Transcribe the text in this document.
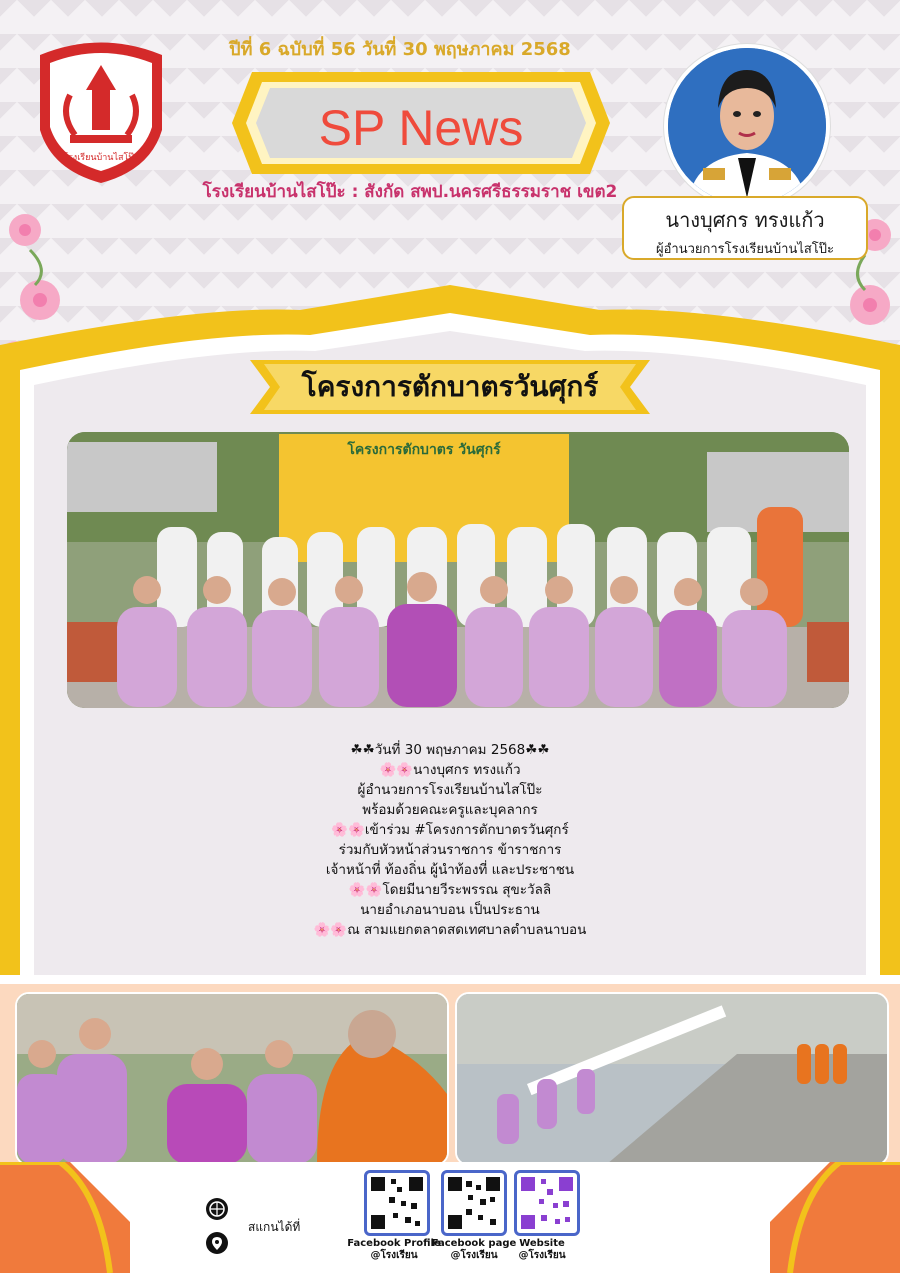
โรงเรียนบ้านไสโป๊ะ
ปีที่ 6 ฉบับที่ 56 วันที่ 30 พฤษภาคม 2568
SP News
โรงเรียนบ้านไสโป๊ะ : สังกัด สพป.นครศรีธรรมราช เขต2
นางบุศกร ทรงแก้ว
ผู้อำนวยการโรงเรียนบ้านไสโป๊ะ
โครงการตักบาตรวันศุกร์
โครงการตักบาตร วันศุกร์
☘☘วันที่ 30 พฤษภาคม 2568☘☘
🌸🌸นางบุศกร ทรงแก้ว
ผู้อำนวยการโรงเรียนบ้านไสโป๊ะ
พร้อมด้วยคณะครูและบุคลากร
🌸🌸เข้าร่วม #โครงการตักบาตรวันศุกร์
ร่วมกับหัวหน้าส่วนราชการ ข้าราชการ
เจ้าหน้าที่ ท้องถิ่น ผู้นำท้องที่ และประชาชน
🌸🌸โดยมีนายวีระพรรณ สุขะวัลลิ
นายอำเภอนาบอน เป็นประธาน
🌸🌸ณ สามแยกตลาดสดเทศบาลตำบลนาบอน
สแกนได้ที่
Facebook Profile
@โรงเรียน
Facebook page
@โรงเรียน
Website
@โรงเรียน
